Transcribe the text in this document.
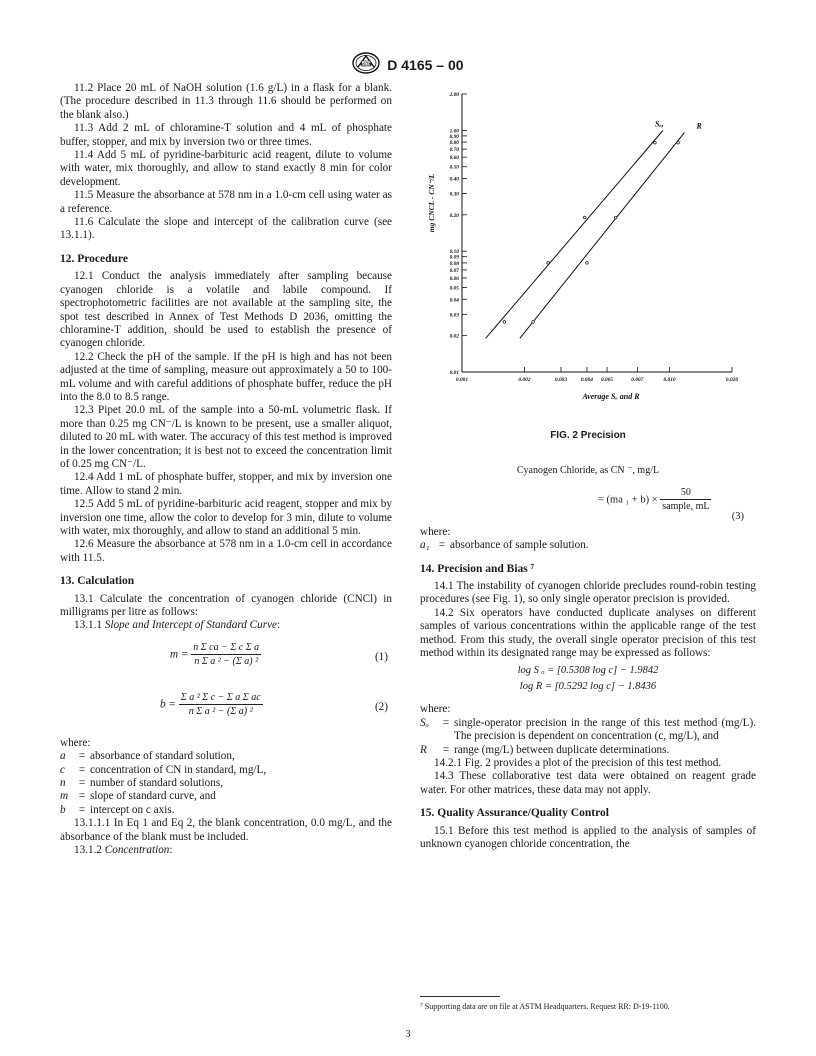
ASTM D 4165 – 00

11.2 Place 20 mL of NaOH solution (1.6 g/L) in a flask for a blank. (The procedure described in 11.3 through 11.6 should be performed on the blank also.)

11.3 Add 2 mL of chloramine-T solution and 4 mL of phosphate buffer, stopper, and mix by inversion two or three times.

11.4 Add 5 mL of pyridine-barbituric acid reagent, dilute to volume with water, mix thoroughly, and allow to stand exactly 8 min for color development.

11.5 Measure the absorbance at 578 nm in a 1.0-cm cell using water as a reference.

11.6 Calculate the slope and intercept of the calibration curve (see 13.1.1).

12. Procedure

12.1 Conduct the analysis immediately after sampling because cyanogen chloride is a volatile and labile compound. If spectrophotometric facilities are not available at the sampling site, the spot test described in Annex of Test Methods D 2036, omitting the chloramine-T addition, should be used to establish the presence of cyanogen chloride.

12.2 Check the pH of the sample. If the pH is high and has not been adjusted at the time of sampling, measure out approximately a 50 to 100-mL volume and with careful additions of phosphate buffer, reduce the pH into the 8.0 to 8.5 range.

12.3 Pipet 20.0 mL of the sample into a 50-mL volumetric flask. If more than 0.25 mg CN⁻/L is known to be present, use a smaller aliquot, diluted to 20 mL with water. The accuracy of this test method is improved in the lower concentration; it is best not to exceed the concentration limit of 0.25 mg CN⁻/L.

12.4 Add 1 mL of phosphate buffer, stopper, and mix by inversion one time. Allow to stand 2 min.

12.5 Add 5 mL of pyridine-barbituric acid reagent, stopper and mix by inversion one time, allow the color to develop for 3 min, dilute to volume with water, mix thoroughly, and allow to stand an additional 5 min.

12.6 Measure the absorbance at 578 nm in a 1.0-cm cell in accordance with 11.5.

13. Calculation

13.1 Calculate the concentration of cyanogen chloride (CNCl) in milligrams per litre as follows:

13.1.1 Slope and Intercept of Standard Curve:

$m = \frac{\text{n Σ ca − Σ c Σ a}}{\text{n Σ a ² − (Σ a) ²}}$	(1)
$b = \frac{\text{Σ a ² Σ c − Σ a Σ ac}}{\text{n Σ a ² − (Σ a) ²}}$	(2)

where:

a	= absorbance of standard solution,
c	= concentration of CN in standard, mg/L,
n	= number of standard solutions,
m = slope of standard curve, and
b	= intercept on c axis.

13.1.1.1 In Eq 1 and Eq 2, the blank concentration, 0.0 mg/L, and the absorbance of the blank must be included.

13.1.2 Concentration:

2.00
1.00
0.90
0.80
0.70
0.60
0.50
0.40
0.30
0.20
0.10
0.09
0.08
0.07
0.06
0.05
0.04
0.03
0.02
0.01
0.001	0.002	0.003	0.004 0.005	0.007	0.010	0.020
Average Sₒ and R
mg CNCL - CN⁻/L
Sₒ,	R
FIG. 2 Precision
Cyanogen Chloride, as CN ⁻, mg/L
= (ma $_1 + b) \times \frac{50}{\text{sample, mL}}$
(3)

where:

a₁ = absorbance of sample solution.
14. Precision and Bias ⁷

14.1 The instability of cyanogen chloride precludes round-robin testing procedures (see Fig. 1), so only single operator precision is provided.

14.2 Six operators have conducted duplicate analyses on different samples of various concentrations within the applicable range of the test method. From this study, the overall single operator precision of this test method within its designated range may be expressed as follows:

log S ₒ = [0.5308 log c] − 1.9842
log R = [0.5292 log c] − 1.8436

where:

Sₒ	= single-operator precision in the range of this test method (mg/L). The precision is dependent on concentration (c, mg/L), and
R	= range (mg/L) between duplicate determinations.

14.2.1 Fig. 2 provides a plot of the precision of this test method.

14.3 These collaborative test data were obtained on reagent grade water. For other matrices, these data may not apply.

15. Quality Assurance/Quality Control

15.1 Before this test method is applied to the analysis of samples of unknown cyanogen chloride concentration, the

⁷ Supporting data are on file at ASTM Headquarters. Request RR: D-19-1100.
3
